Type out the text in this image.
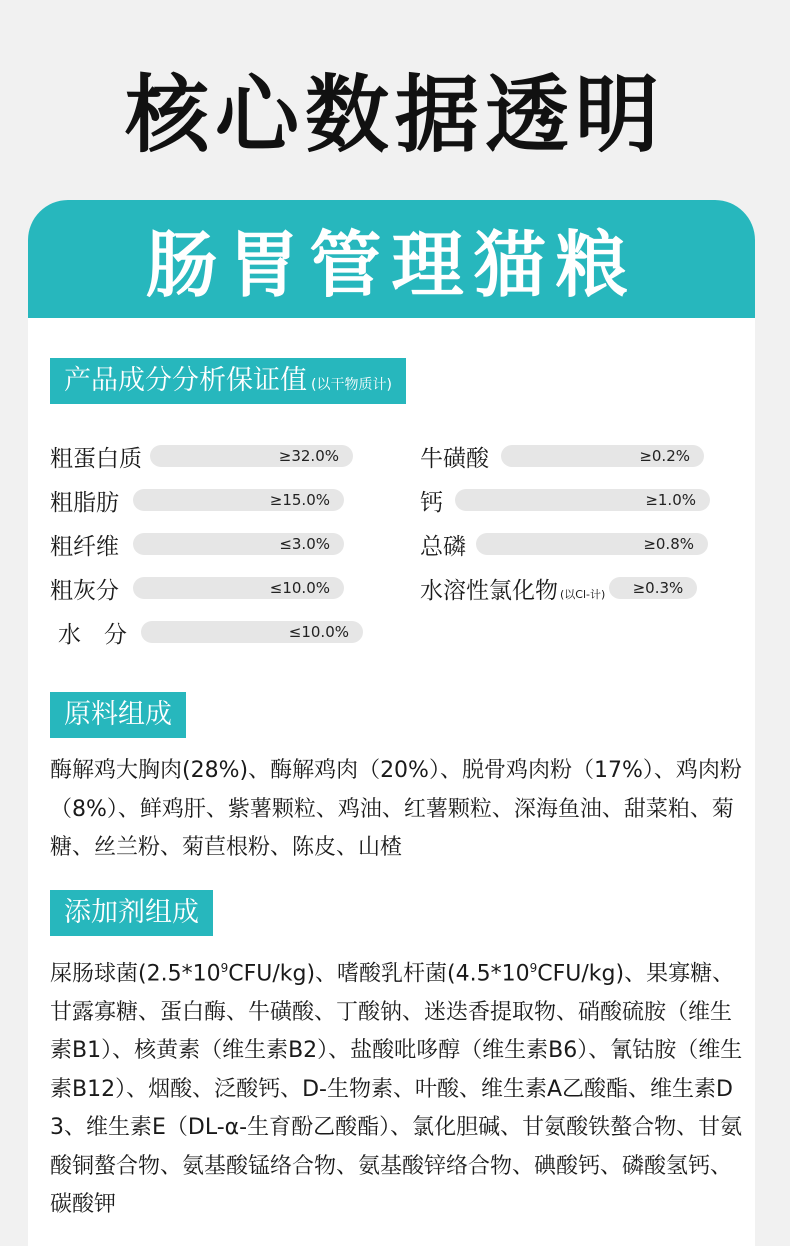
核心数据透明
肠胃管理猫粮
产品成分分析保证值 (以干物质计)
粗蛋白质	≥32.0%
粗脂肪	≥15.0%
粗纤维	≤3.0%
粗灰分	≤10.0%
水　分	≤10.0%
牛磺酸	≥0.2%
钙	≥1.0%
总磷	≥0.8%
水溶性氯化物 (以Cl-计)	≥0.3%
原料组成
酶解鸡大胸肉(28%)、酶解鸡肉（20%）、脱骨鸡肉粉（17%）、鸡肉粉（8%）、鲜鸡肝、紫薯颗粒、鸡油、红薯颗粒、深海鱼油、甜菜粕、菊糖、丝兰粉、菊苣根粉、陈皮、山楂
添加剂组成
屎肠球菌$(2.5*10^9CFU/kg)$、嗜酸乳杆菌$(4.5*10^9CFU/kg)$、果寡糖、甘露寡糖、蛋白酶、牛磺酸、丁酸钠、迷迭香提取物、硝酸硫胺（维生素B1）、核黄素（维生素B2）、盐酸吡哆醇（维生素B6）、氰钴胺（维生素B12）、烟酸、泛酸钙、D-生物素、叶酸、维生素A乙酸酯、维生素D3、维生素E（DL-α-生育酚乙酸酯）、氯化胆碱、甘氨酸铁螯合物、甘氨酸铜螯合物、氨基酸锰络合物、氨基酸锌络合物、碘酸钙、磷酸氢钙、碳酸钾
